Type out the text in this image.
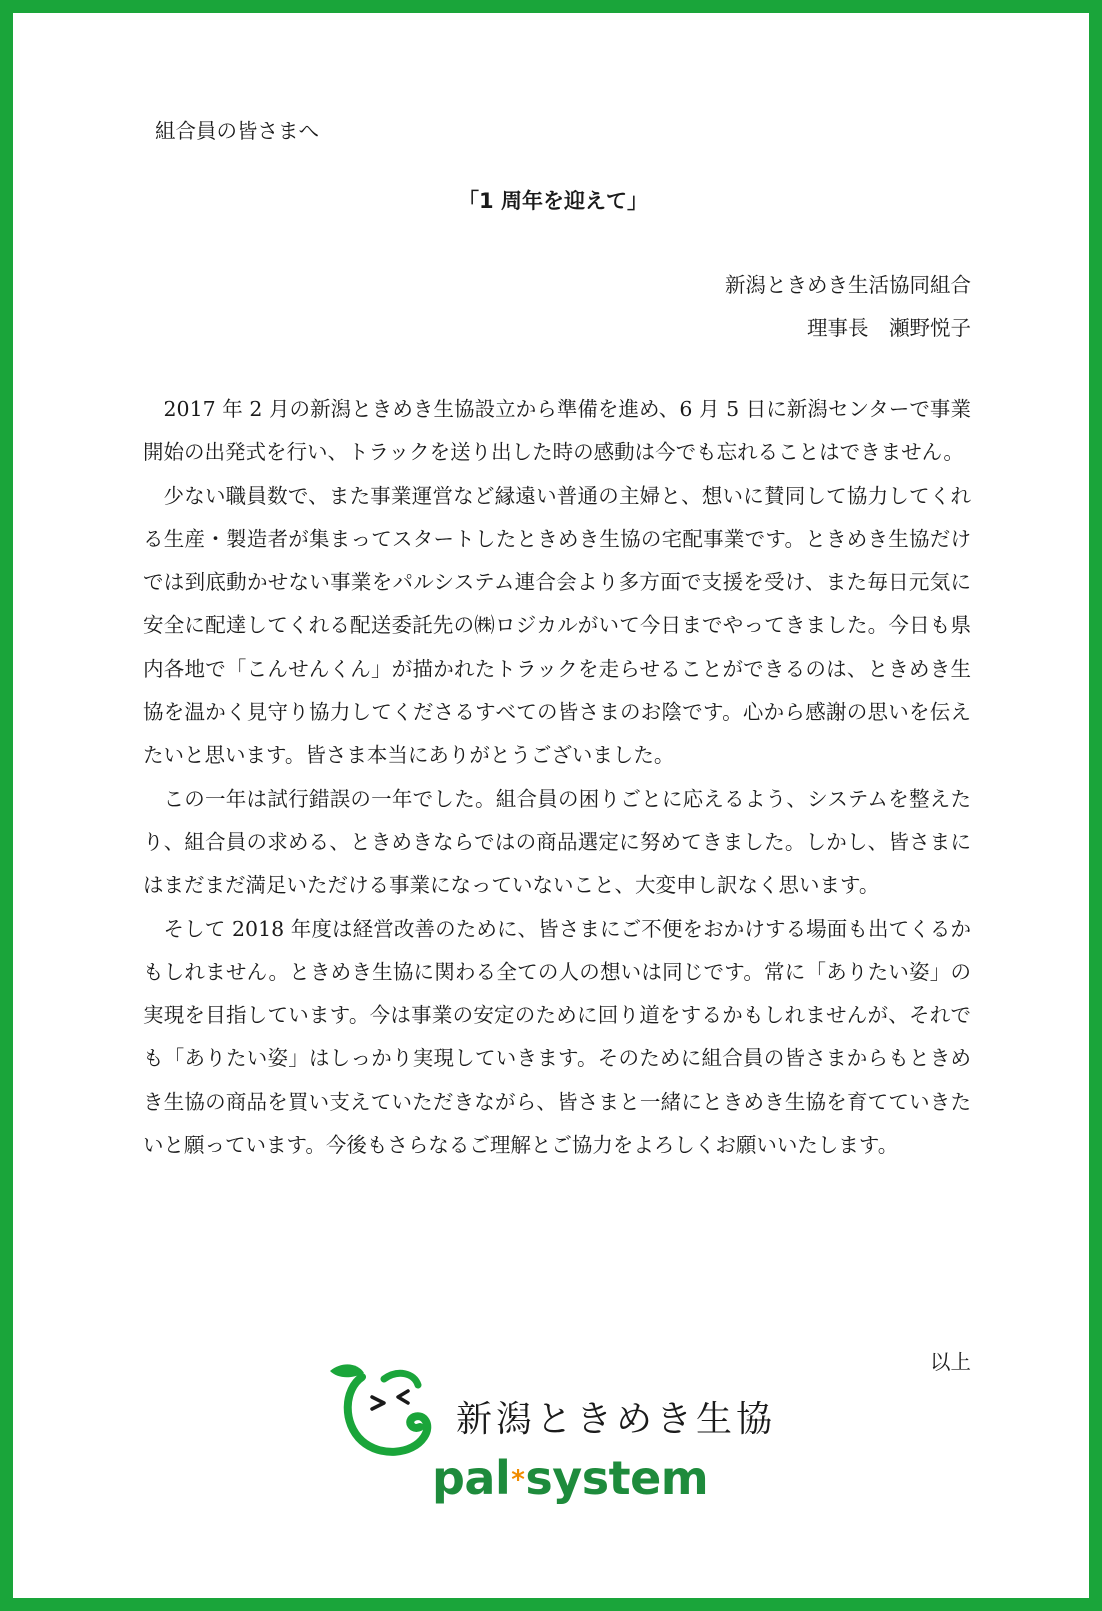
組合員の皆さまへ
「1 周年を迎えて」
新潟ときめき生活協同組合
理事長　瀬野悦子

2017 年 2 月の新潟ときめき生協設立から準備を進め、6 月 5 日に新潟センターで事業開始の出発式を行い、トラックを送り出した時の感動は今でも忘れることはできません。

少ない職員数で、また事業運営など縁遠い普通の主婦と、想いに賛同して協力してくれる生産・製造者が集まってスタートしたときめき生協の宅配事業です。ときめき生協だけでは到底動かせない事業をパルシステム連合会より多方面で支援を受け、また毎日元気に安全に配達してくれる配送委託先の㈱ロジカルがいて今日までやってきました。今日も県内各地で「こんせんくん」が描かれたトラックを走らせることができるのは、ときめき生協を温かく見守り協力してくださるすべての皆さまのお陰です。心から感謝の思いを伝えたいと思います。皆さま本当にありがとうございました。

この一年は試行錯誤の一年でした。組合員の困りごとに応えるよう、システムを整えたり、組合員の求める、ときめきならではの商品選定に努めてきました。しかし、皆さまにはまだまだ満足いただける事業になっていないこと、大変申し訳なく思います。

そして 2018 年度は経営改善のために、皆さまにご不便をおかけする場面も出てくるかもしれません。ときめき生協に関わる全ての人の想いは同じです。常に「ありたい姿」の実現を目指しています。今は事業の安定のために回り道をするかもしれませんが、それでも「ありたい姿」はしっかり実現していきます。そのために組合員の皆さまからもときめき生協の商品を買い支えていただきながら、皆さまと一緒にときめき生協を育てていきたいと願っています。今後もさらなるご理解とご協力をよろしくお願いいたします。

以上
新潟ときめき生協
pal*system
